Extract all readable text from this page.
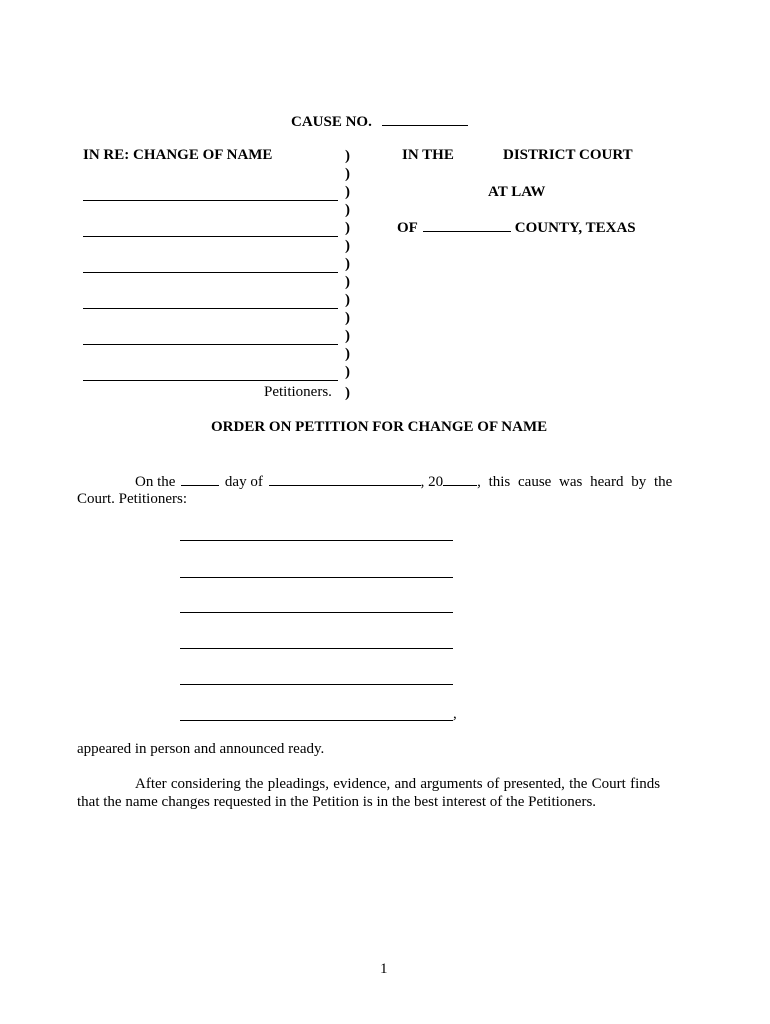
CAUSE NO.
IN RE: CHANGE OF NAME
Petitioners.
)
)
)
)
)
)
)
)
)
)
)
)
)
)
IN THE	DISTRICT COURT
AT LAW
OF	COUNTY, TEXAS
ORDER ON PETITION FOR CHANGE OF NAME
On the	day of	, 20 , this cause was heard by the
Court. Petitioners:
,
appeared in person and announced ready.
After considering the pleadings, evidence, and arguments of presented, the Court finds
that the name changes requested in the Petition is in the best interest of the Petitioners.
1
